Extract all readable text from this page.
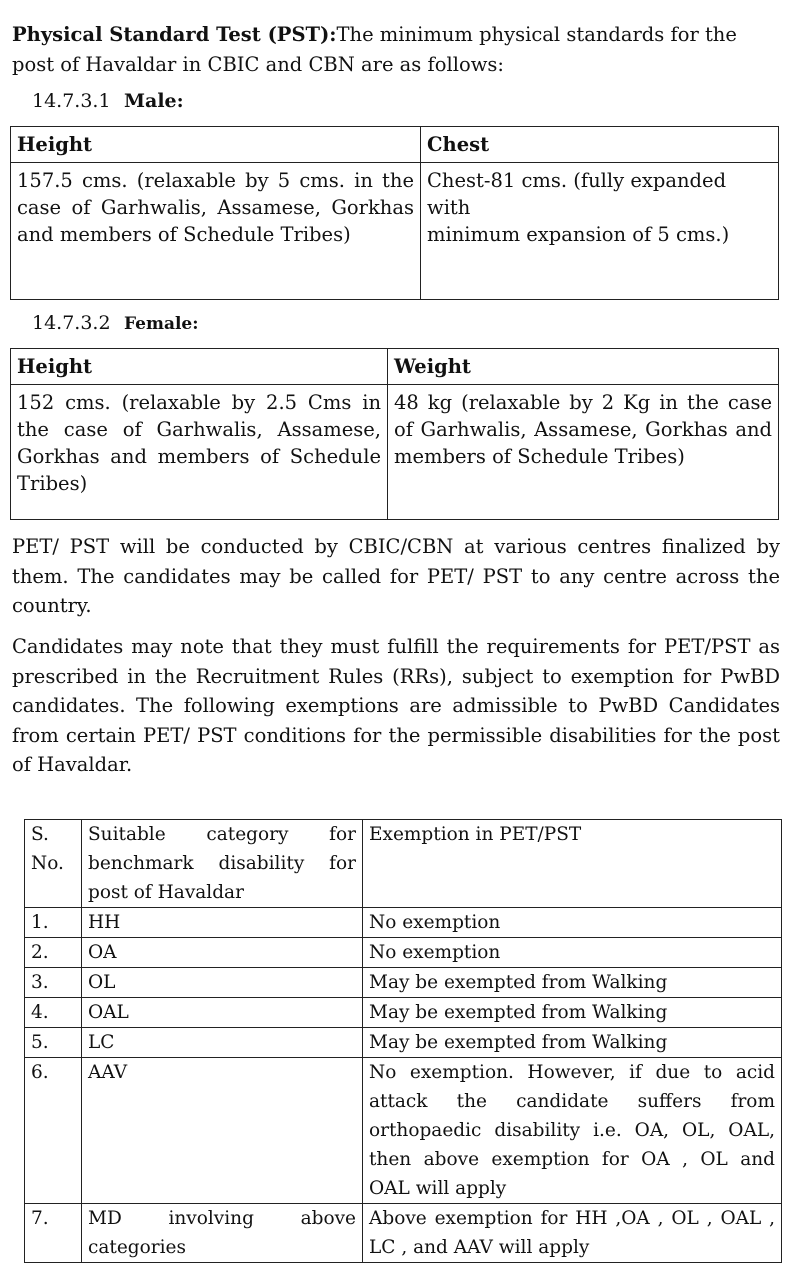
Physical Standard Test (PST):The minimum physical standards for the post of Havaldar in CBIC and CBN are as follows:
14.7.3.1 Male:
Height	Chest
157.5 cms. (relaxable by 5 cms. in the case of Garhwalis, Assamese, Gorkhas and members of Schedule Tribes)	Chest-81 cms. (fully expanded with
minimum expansion of 5 cms.)
14.7.3.2 Female:
Height	Weight
152 cms. (relaxable by 2.5 Cms in the case of Garhwalis, Assamese, Gorkhas and members of Schedule Tribes)	48 kg (relaxable by 2 Kg in the case of Garhwalis, Assamese, Gorkhas and members of Schedule Tribes)
PET/ PST will be conducted by CBIC/CBN at various centres finalized by them. The candidates may be called for PET/ PST to any centre across the country.
Candidates may note that they must fulfill the requirements for PET/PST as prescribed in the Recruitment Rules (RRs), subject to exemption for PwBD candidates. The following exemptions are admissible to PwBD Candidates from certain PET/ PST conditions for the permissible disabilities for the post of Havaldar.
S. No.	Suitable category for benchmark disability for post of Havaldar	Exemption in PET/PST
1.	HH	No exemption
2.	OA	No exemption
3.	OL	May be exempted from Walking
4.	OAL	May be exempted from Walking
5.	LC	May be exempted from Walking
6.	AAV	No exemption. However, if due to acid attack the candidate suffers from orthopaedic disability i.e. OA, OL, OAL, then above exemption for OA , OL and OAL will apply
7.	MD involving above categories	Above exemption for HH ,OA , OL , OAL , LC , and AAV will apply
